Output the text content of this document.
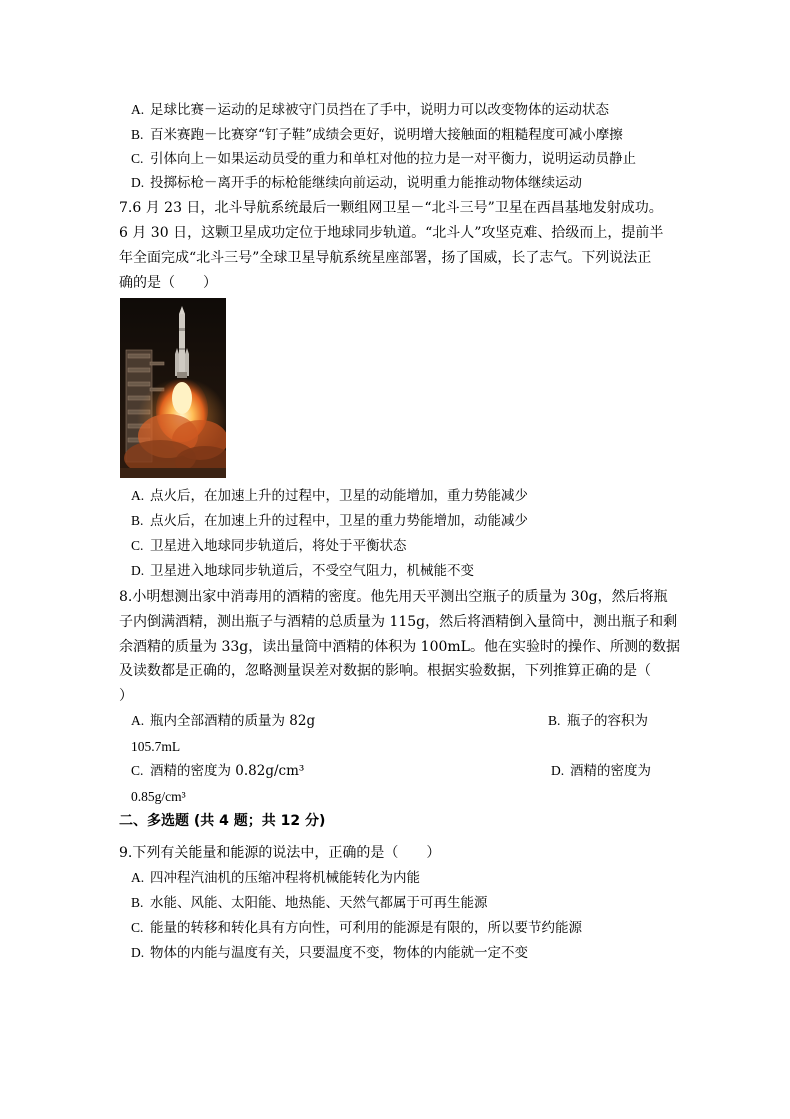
A. 足球比赛－运动的足球被守门员挡在了手中，说明力可以改变物体的运动状态
B. 百米赛跑－比赛穿“钉子鞋”成绩会更好，说明增大接触面的粗糙程度可减小摩擦
C. 引体向上－如果运动员受的重力和单杠对他的拉力是一对平衡力，说明运动员静止
D. 投掷标枪－离开手的标枪能继续向前运动，说明重力能推动物体继续运动
7.6 月 23 日，北斗导航系统最后一颗组网卫星－“北斗三号”卫星在西昌基地发射成功。
6 月 30 日，这颗卫星成功定位于地球同步轨道。“北斗人”攻坚克难、拾级而上，提前半
年全面完成“北斗三号”全球卫星导航系统星座部署，扬了国威，长了志气。下列说法正
确的是（　　）
A. 点火后，在加速上升的过程中，卫星的动能增加，重力势能减少
B. 点火后，在加速上升的过程中，卫星的重力势能增加，动能减少
C. 卫星进入地球同步轨道后，将处于平衡状态
D. 卫星进入地球同步轨道后，不受空气阻力，机械能不变
8.小明想测出家中消毒用的酒精的密度。他先用天平测出空瓶子的质量为 30g，然后将瓶
子内倒满酒精，测出瓶子与酒精的总质量为 115g，然后将酒精倒入量筒中，测出瓶子和剩
余酒精的质量为 33g，读出量筒中酒精的体积为 100mL。他在实验时的操作、所测的数据
及读数都是正确的，忽略测量误差对数据的影响。根据实验数据，下列推算正确的是（
）
A. 瓶内全部酒精的质量为 82g	B. 瓶子的容积为
105.7mL
C. 酒精的密度为 0.82g/cm³	D. 酒精的密度为
0.85g/cm³
二、多选题 (共 4 题；共 12 分)
9.下列有关能量和能源的说法中，正确的是（　　）
A. 四冲程汽油机的压缩冲程将机械能转化为内能
B. 水能、风能、太阳能、地热能、天然气都属于可再生能源
C. 能量的转移和转化具有方向性，可利用的能源是有限的，所以要节约能源
D. 物体的内能与温度有关，只要温度不变，物体的内能就一定不变
